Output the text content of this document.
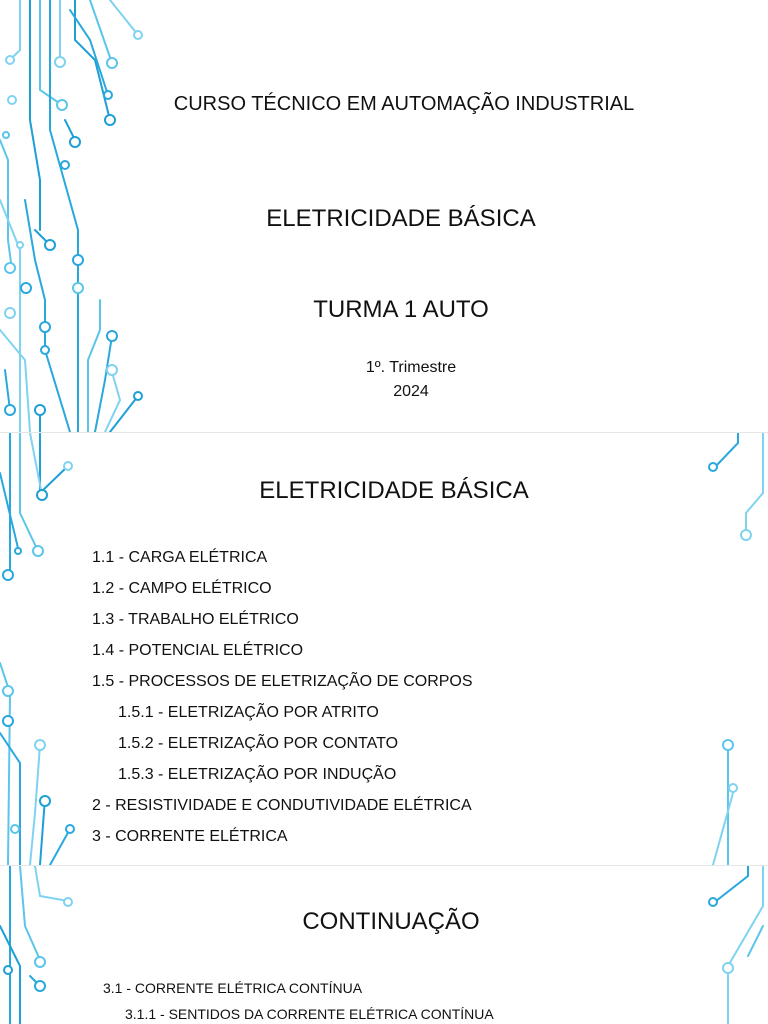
CURSO TÉCNICO EM AUTOMAÇÃO INDUSTRIAL
ELETRICIDADE BÁSICA
TURMA 1 AUTO
1º. Trimestre
2024
ELETRICIDADE BÁSICA
1.1 - CARGA ELÉTRICA
1.2 - CAMPO ELÉTRICO
1.3 - TRABALHO ELÉTRICO
1.4 - POTENCIAL ELÉTRICO
1.5 - PROCESSOS DE ELETRIZAÇÃO DE CORPOS
1.5.1 - ELETRIZAÇÃO POR ATRITO
1.5.2 - ELETRIZAÇÃO POR CONTATO
1.5.3 - ELETRIZAÇÃO POR INDUÇÃO
2 - RESISTIVIDADE E CONDUTIVIDADE ELÉTRICA
3 - CORRENTE ELÉTRICA
CONTINUAÇÃO
3.1 - CORRENTE ELÉTRICA CONTÍNUA
3.1.1 - SENTIDOS DA CORRENTE ELÉTRICA CONTÍNUA
